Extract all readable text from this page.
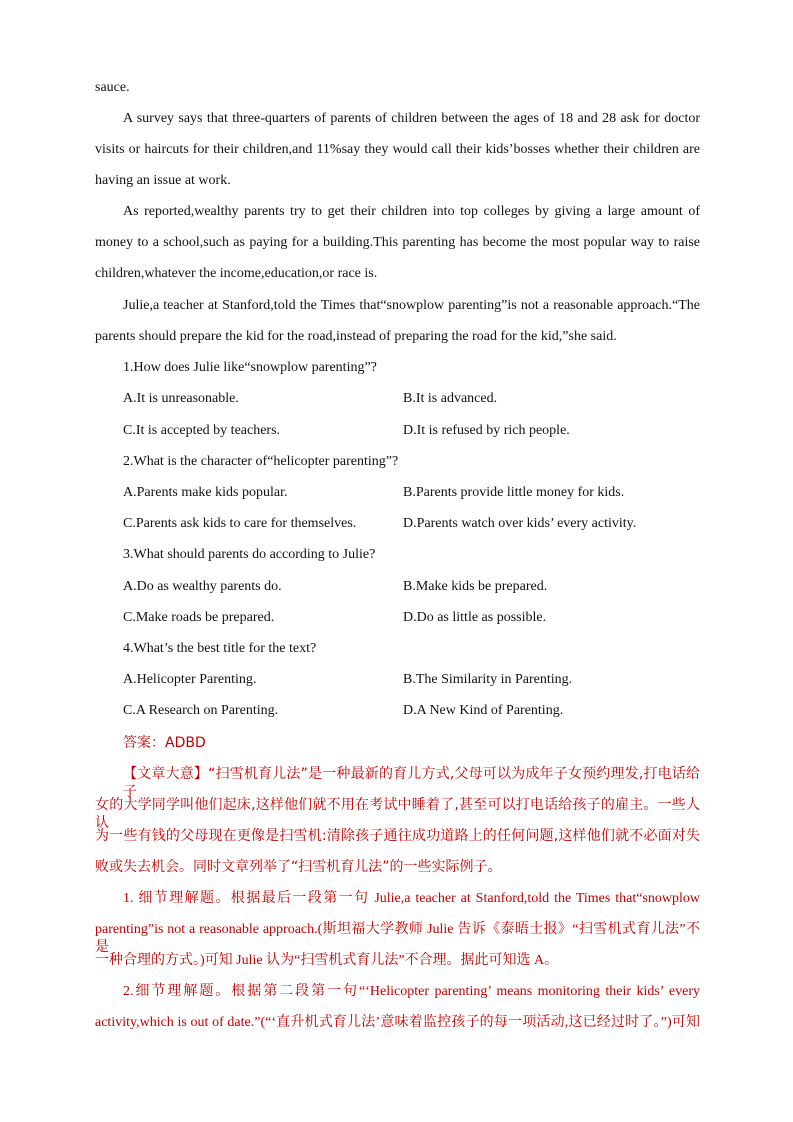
sauce.
A survey says that three-quarters of parents of children between the ages of 18 and 28 ask for doctor
visits or haircuts for their children,and 11%say they would call their kids’bosses whether their children are
having an issue at work.
As reported,wealthy parents try to get their children into top colleges by giving a large amount of
money to a school,such as paying for a building.This parenting has become the most popular way to raise
children,whatever the income,education,or race is.
Julie,a teacher at Stanford,told the Times that“snowplow parenting”is not a reasonable approach.“The
parents should prepare the kid for the road,instead of preparing the road for the kid,”she said.
1.How does Julie like“snowplow parenting”?
A.It is unreasonable.	B.It is advanced.
C.It is accepted by teachers.	D.It is refused by rich people.
2.What is the character of“helicopter parenting”?
A.Parents make kids popular.	B.Parents provide little money for kids.
C.Parents ask kids to care for themselves.	D.Parents watch over kids’ every activity.
3.What should parents do according to Julie?
A.Do as wealthy parents do.	B.Make kids be prepared.
C.Make roads be prepared.	D.Do as little as possible.
4.What’s the best title for the text?
A.Helicopter Parenting.	B.The Similarity in Parenting.
C.A Research on Parenting.	D.A New Kind of Parenting.
答案：ADBD
【文章大意】“扫雪机育儿法”是一种最新的育儿方式,父母可以为成年子女预约理发,打电话给子
女的大学同学叫他们起床,这样他们就不用在考试中睡着了,甚至可以打电话给孩子的雇主。一些人认
为一些有钱的父母现在更像是扫雪机:清除孩子通往成功道路上的任何问题,这样他们就不必面对失
败或失去机会。同时文章列举了“扫雪机育儿法”的一些实际例子。
1. 细节理解题。根据最后一段第一句 Julie,a teacher at Stanford,told the Times that“snowplow
parenting”is not a reasonable approach.(斯坦福大学教师 Julie 告诉《泰晤士报》“扫雪机式育儿法”不是
一种合理的方式。)可知 Julie 认为“扫雪机式育儿法”不合理。据此可知选 A。
2.细节理解题。根据第二段第一句“‘Helicopter parenting’ means monitoring their kids’ every
activity,which is out of date.”(“‘直升机式育儿法’意味着监控孩子的每一项活动,这已经过时了。”)可知
